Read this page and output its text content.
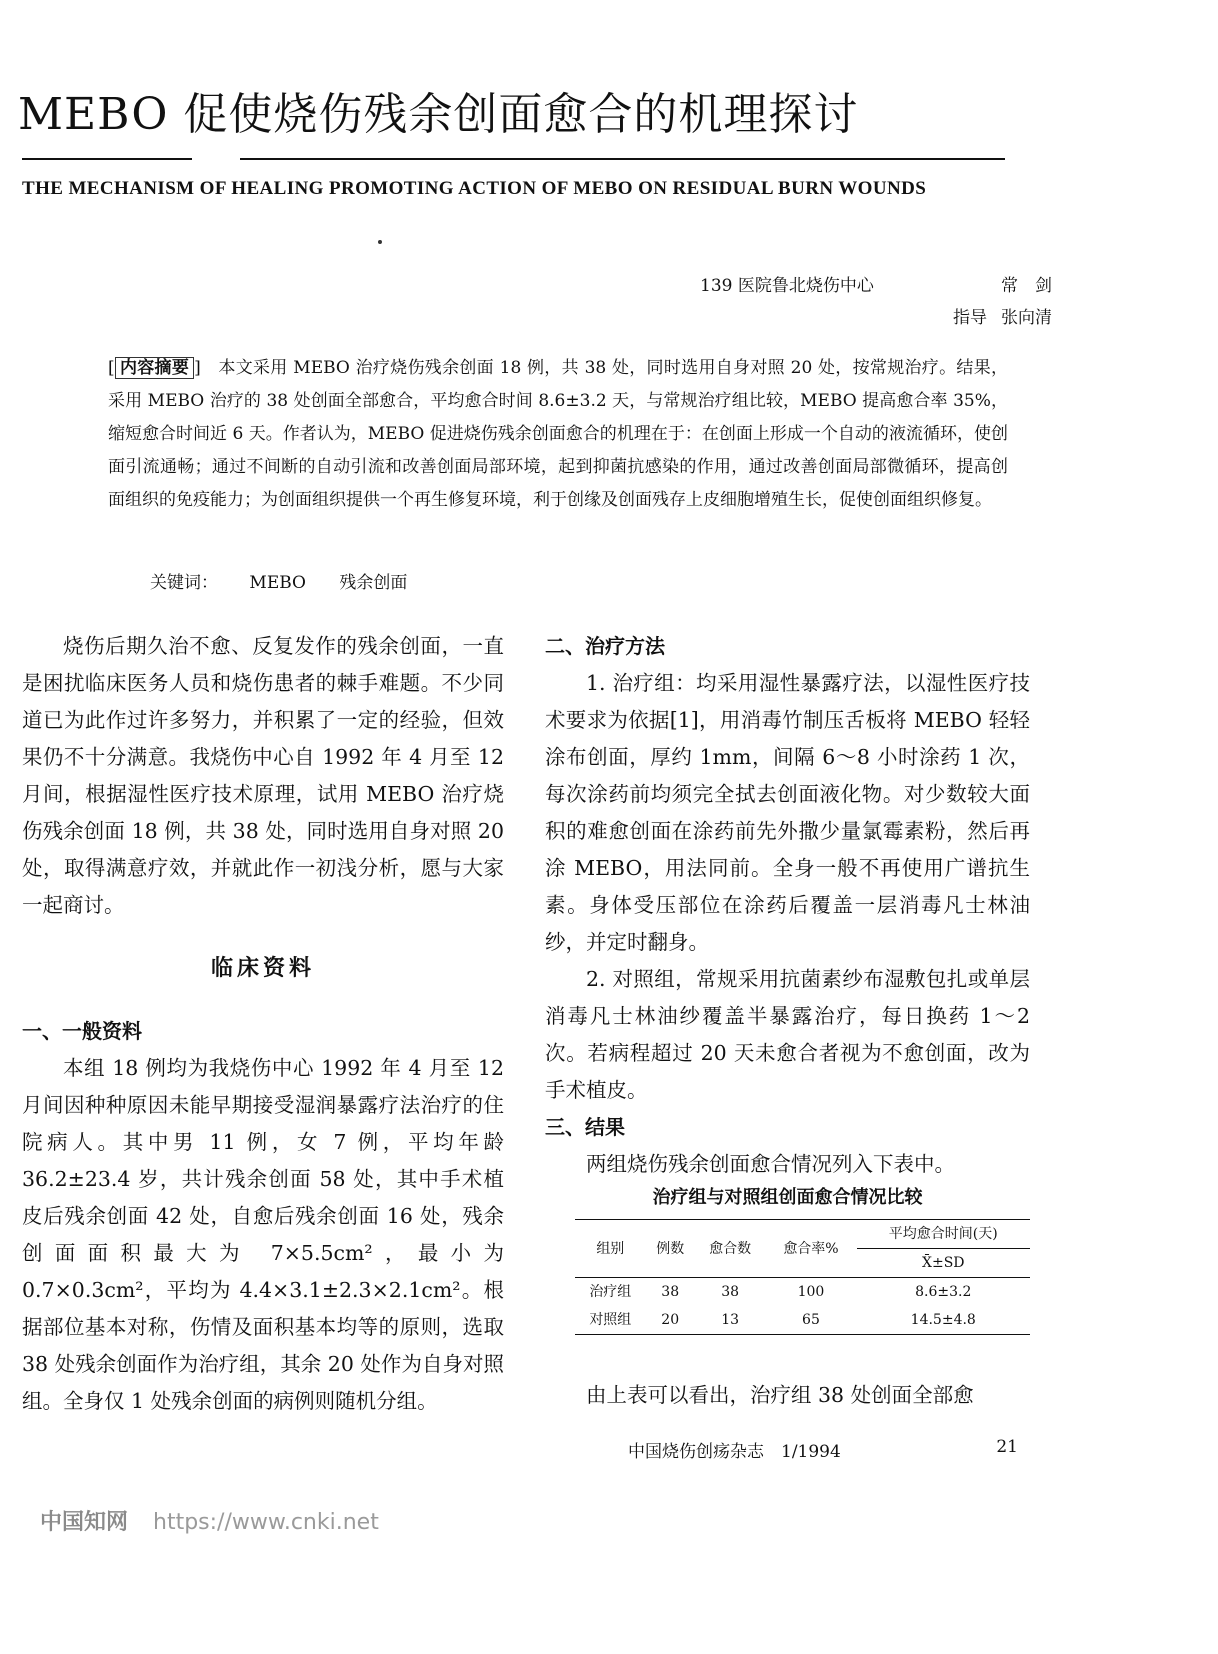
MEBO 促使烧伤残余创面愈合的机理探讨
THE MECHANISM OF HEALING PROMOTING ACTION OF MEBO ON RESIDUAL BURN WOUNDS
139 医院鲁北烧伤中心	常　剑
指导 张向清
[ 内容摘要 ]　本文采用 MEBO 治疗烧伤残余创面 18 例，共 38 处，同时选用自身对照 20 处，按常规治疗。结果，采用 MEBO 治疗的 38 处创面全部愈合，平均愈合时间 8.6±3.2 天，与常规治疗组比较，MEBO 提高愈合率 35%，缩短愈合时间近 6 天。作者认为，MEBO 促进烧伤残余创面愈合的机理在于：在创面上形成一个自动的液流循环，使创面引流通畅；通过不间断的自动引流和改善创面局部环境，起到抑菌抗感染的作用，通过改善创面局部微循环，提高创面组织的免疫能力；为创面组织提供一个再生修复环境，利于创缘及创面残存上皮细胞增殖生长，促使创面组织修复。
关键词： MEBO 残余创面

烧伤后期久治不愈、反复发作的残余创面，一直是困扰临床医务人员和烧伤患者的棘手难题。不少同道已为此作过许多努力，并积累了一定的经验，但效果仍不十分满意。我烧伤中心自 1992 年 4 月至 12 月间，根据湿性医疗技术原理，试用 MEBO 治疗烧伤残余创面 18 例，共 38 处，同时选用自身对照 20 处，取得满意疗效，并就此作一初浅分析，愿与大家一起商讨。

临床资料
一、一般资料

本组 18 例均为我烧伤中心 1992 年 4 月至 12 月间因种种原因未能早期接受湿润暴露疗法治疗的住院病人。其中男 11 例，女 7 例，平均年龄 36.2±23.4 岁，共计残余创面 58 处，其中手术植皮后残余创面 42 处，自愈后残余创面 16 处，残余创面面积最大为 7×5.5cm²，最小为 0.7×0.3cm²，平均为 4.4×3.1±2.3×2.1cm²。根据部位基本对称，伤情及面积基本均等的原则，选取 38 处残余创面作为治疗组，其余 20 处作为自身对照组。全身仅 1 处残余创面的病例则随机分组。

二、治疗方法

1. 治疗组：均采用湿性暴露疗法，以湿性医疗技术要求为依据[1]，用消毒竹制压舌板将 MEBO 轻轻涂布创面，厚约 1mm，间隔 6～8 小时涂药 1 次，每次涂药前均须完全拭去创面液化物。对少数较大面积的难愈创面在涂药前先外撒少量氯霉素粉，然后再涂 MEBO，用法同前。全身一般不再使用广谱抗生素。身体受压部位在涂药后覆盖一层消毒凡士林油纱，并定时翻身。

2. 对照组，常规采用抗菌素纱布湿敷包扎或单层消毒凡士林油纱覆盖半暴露治疗，每日换药 1～2 次。若病程超过 20 天未愈合者视为不愈创面，改为手术植皮。

三、结果

两组烧伤残余创面愈合情况列入下表中。

治疗组与对照组创面愈合情况比较
组别	例数	愈合数	愈合率%	平均愈合时间(天)
				X̄±SD
治疗组	38	38	100	8.6±3.2
对照组	20	13	65	14.5±4.8

由上表可以看出，治疗组 38 处创面全部愈

中国烧伤创疡杂志　1/1994	21
中国知网 https://www.cnki.net
